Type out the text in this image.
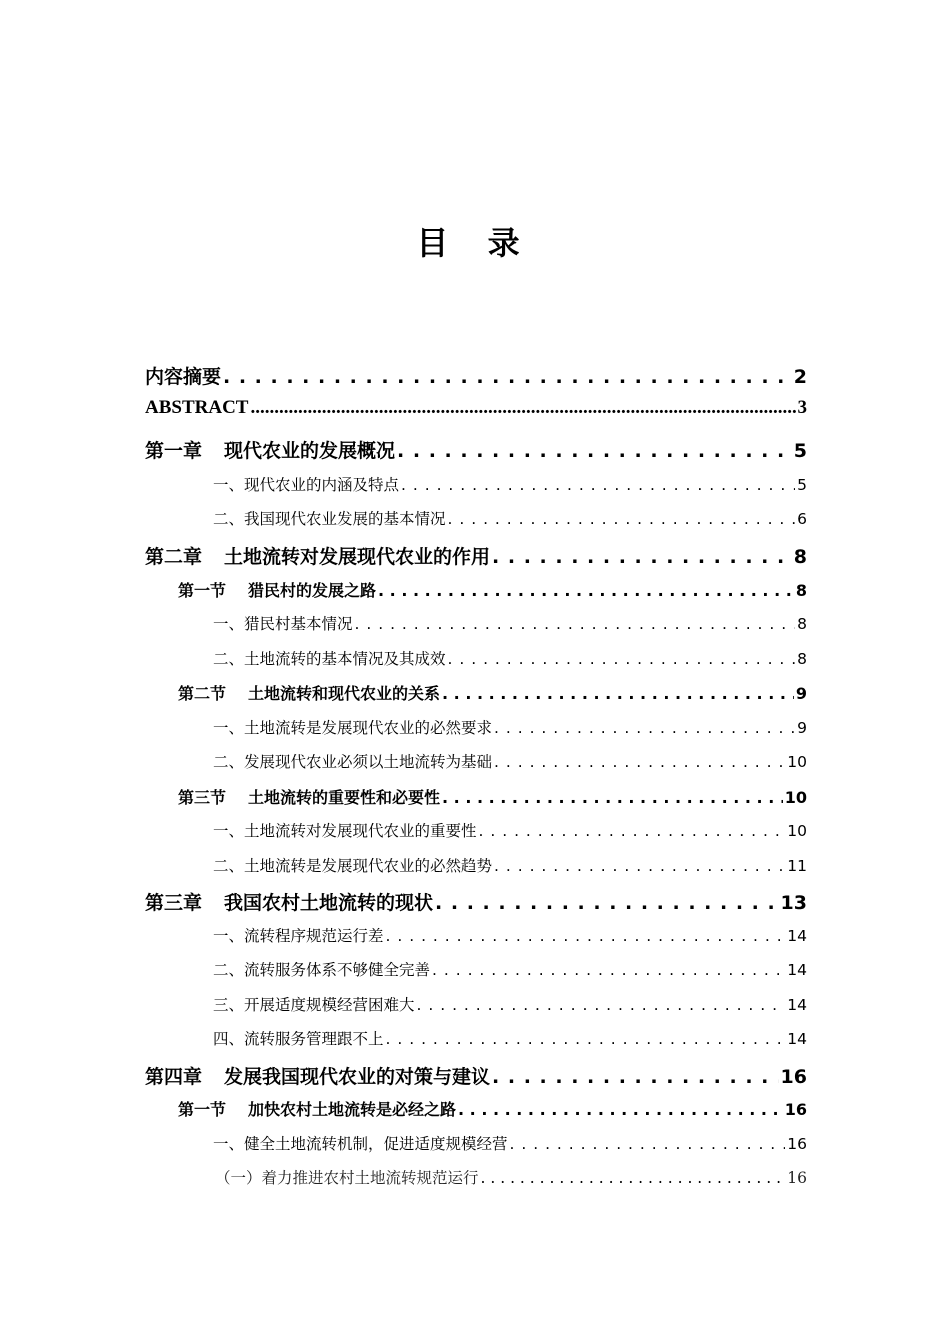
目 录
内容摘要 . . .	2
ABSTRACT .....	3
第一章 现代农业的发展概况 . . .	5
一、现代农业的内涵及特点 . . .	5
二、我国现代农业发展的基本情况 . . .	6
第二章 土地流转对发展现代农业的作用 . . .	8
第一节 猎民村的发展之路 . . .	8
一、猎民村基本情况 . . .	8
二、土地流转的基本情况及其成效 . . .	8
第二节 土地流转和现代农业的关系 . . .	9
一、土地流转是发展现代农业的必然要求 . . .	9
二、发展现代农业必须以土地流转为基础 . . .	10
第三节 土地流转的重要性和必要性 . . .	10
一、土地流转对发展现代农业的重要性 . . .	10
二、土地流转是发展现代农业的必然趋势 . . .	11
第三章 我国农村土地流转的现状 . . .	13
一、流转程序规范运行差 . . .	14
二、流转服务体系不够健全完善 . . .	14
三、开展适度规模经营困难大 . . .	14
四、流转服务管理跟不上 . . .	14
第四章 发展我国现代农业的对策与建议 . . .	16
第一节 加快农村土地流转是必经之路 . . .	16
一、健全土地流转机制，促进适度规模经营 . . .	16
（一）着力推进农村土地流转规范运行 . . .	16
